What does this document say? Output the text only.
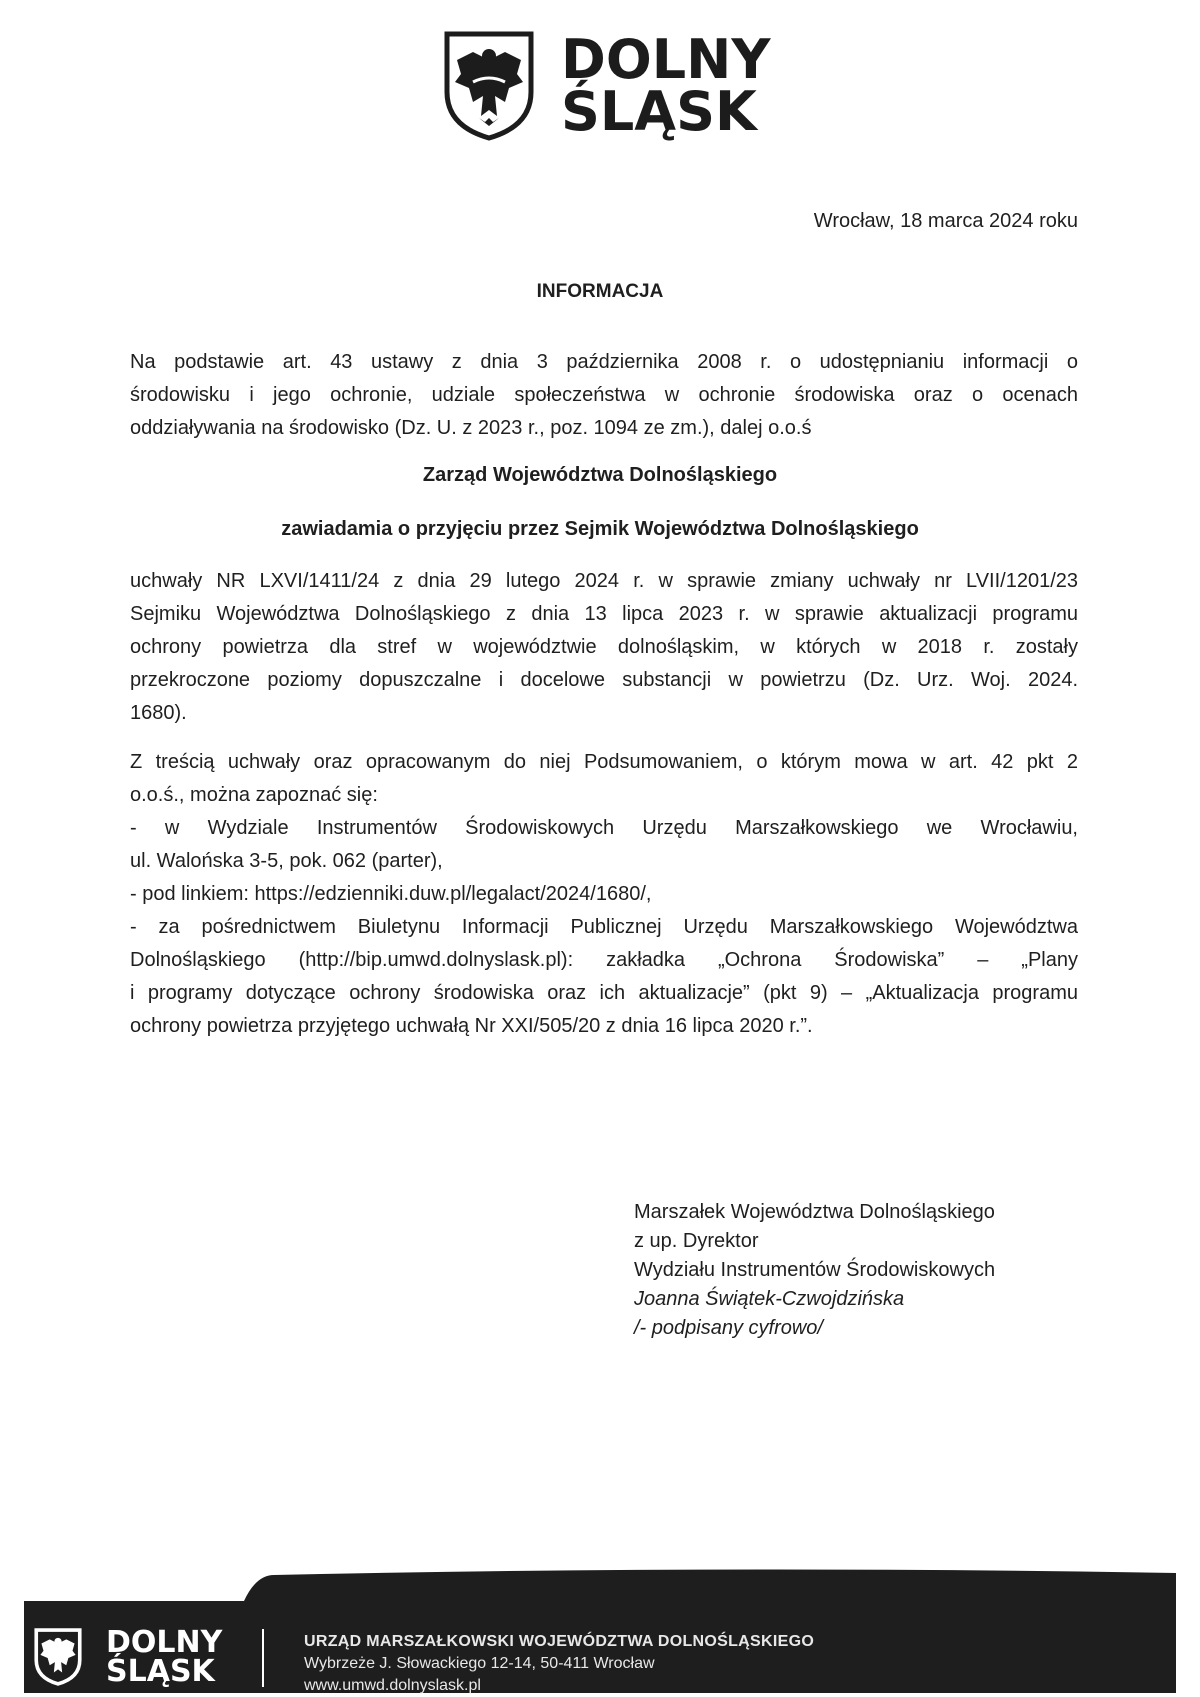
DOLNY
ŚLĄSK
Wrocław, 18 marca 2024 roku
INFORMACJA
Na podstawie art. 43 ustawy z dnia 3 października 2008 r. o udostępnianiu informacji o
środowisku i jego ochronie, udziale społeczeństwa w ochronie środowiska oraz o ocenach
oddziaływania na środowisko (Dz. U. z 2023 r., poz. 1094 ze zm.), dalej o.o.ś
Zarząd Województwa Dolnośląskiego
zawiadamia o przyjęciu przez Sejmik Województwa Dolnośląskiego
uchwały NR LXVI/1411/24 z dnia 29 lutego 2024 r. w sprawie zmiany uchwały nr LVII/1201/23
Sejmiku Województwa Dolnośląskiego z dnia 13 lipca 2023 r. w sprawie aktualizacji programu
ochrony powietrza dla stref w województwie dolnośląskim, w których w 2018 r. zostały
przekroczone poziomy dopuszczalne i docelowe substancji w powietrzu (Dz. Urz. Woj. 2024.
1680).
Z treścią uchwały oraz opracowanym do niej Podsumowaniem, o którym mowa w art. 42 pkt 2
o.o.ś., można zapoznać się:
- w Wydziale Instrumentów Środowiskowych Urzędu Marszałkowskiego we Wrocławiu,
ul. Walońska 3-5, pok. 062 (parter),
- pod linkiem: https://edzienniki.duw.pl/legalact/2024/1680/,
- za pośrednictwem Biuletynu Informacji Publicznej Urzędu Marszałkowskiego Województwa
Dolnośląskiego (http://bip.umwd.dolnyslask.pl): zakładka „Ochrona Środowiska” – „Plany
i programy dotyczące ochrony środowiska oraz ich aktualizacje” (pkt 9) – „Aktualizacja programu
ochrony powietrza przyjętego uchwałą Nr XXI/505/20 z dnia 16 lipca 2020 r.”.
Marszałek Województwa Dolnośląskiego
z up. Dyrektor
Wydziału Instrumentów Środowiskowych
Joanna Świątek-Czwojdzińska
/- podpisany cyfrowo/
DOLNY
ŚLĄSK
URZĄD MARSZAŁKOWSKI WOJEWÓDZTWA DOLNOŚLĄSKIEGO
Wybrzeże J. Słowackiego 12-14, 50-411 Wrocław
www.umwd.dolnyslask.pl
